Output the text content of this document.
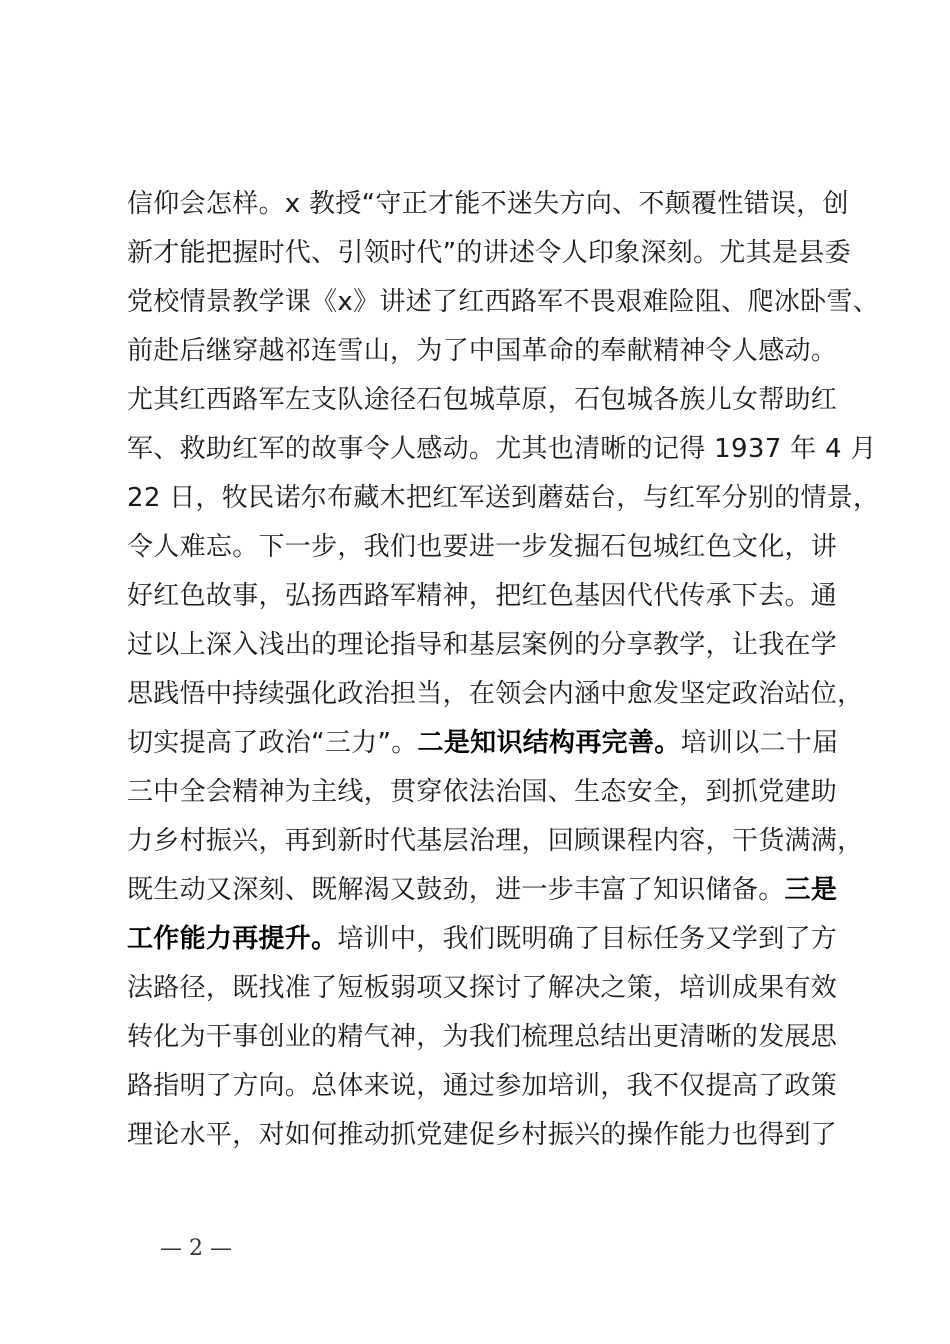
信仰会怎样。x 教授“守正才能不迷失方向、不颠覆性错误，创
新才能把握时代、引领时代”的讲述令人印象深刻。尤其是县委
党校情景教学课《x》讲述了红西路军不畏艰难险阻、爬冰卧雪、
前赴后继穿越祁连雪山，为了中国革命的奉献精神令人感动。
尤其红西路军左支队途径石包城草原，石包城各族儿女帮助红
军、救助红军的故事令人感动。尤其也清晰的记得 1937 年 4 月
22 日，牧民诺尔布藏木把红军送到蘑菇台，与红军分别的情景，
令人难忘。下一步，我们也要进一步发掘石包城红色文化，讲
好红色故事，弘扬西路军精神，把红色基因代代传承下去。通
过以上深入浅出的理论指导和基层案例的分享教学，让我在学
思践悟中持续强化政治担当，在领会内涵中愈发坚定政治站位，
切实提高了政治“三力”。二是知识结构再完善。培训以二十届
三中全会精神为主线，贯穿依法治国、生态安全，到抓党建助
力乡村振兴，再到新时代基层治理，回顾课程内容，干货满满，
既生动又深刻、既解渴又鼓劲，进一步丰富了知识储备。三是
工作能力再提升。培训中，我们既明确了目标任务又学到了方
法路径，既找准了短板弱项又探讨了解决之策，培训成果有效
转化为干事创业的精气神，为我们梳理总结出更清晰的发展思
路指明了方向。总体来说，通过参加培训，我不仅提高了政策
理论水平，对如何推动抓党建促乡村振兴的操作能力也得到了
— 2 —
